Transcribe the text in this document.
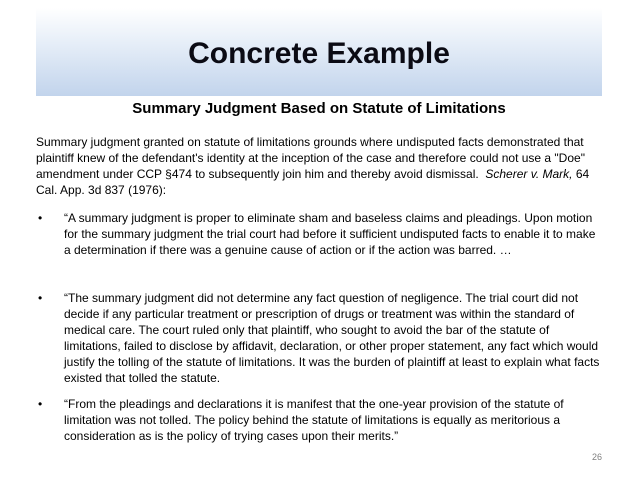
Concrete Example
Summary Judgment Based on Statute of Limitations

Summary judgment granted on statute of limitations grounds where undisputed facts demonstrated that plaintiff knew of the defendant's identity at the inception of the case and therefore could not use a "Doe" amendment under CCP §474 to subsequently join him and thereby avoid dismissal. Scherer v. Mark, 64 Cal. App. 3d 837 (1976):

• “A summary judgment is proper to eliminate sham and baseless claims and pleadings. Upon motion for the summary judgment the trial court had before it sufficient undisputed facts to enable it to make a determination if there was a genuine cause of action or if the action was barred. …
• “The summary judgment did not determine any fact question of negligence. The trial court did not decide if any particular treatment or prescription of drugs or treatment was within the standard of medical care. The court ruled only that plaintiff, who sought to avoid the bar of the statute of limitations, failed to disclose by affidavit, declaration, or other proper statement, any fact which would justify the tolling of the statute of limitations. It was the burden of plaintiff at least to explain what facts existed that tolled the statute.
• “From the pleadings and declarations it is manifest that the one-year provision of the statute of limitation was not tolled. The policy behind the statute of limitations is equally as meritorious a consideration as is the policy of trying cases upon their merits.”
26
